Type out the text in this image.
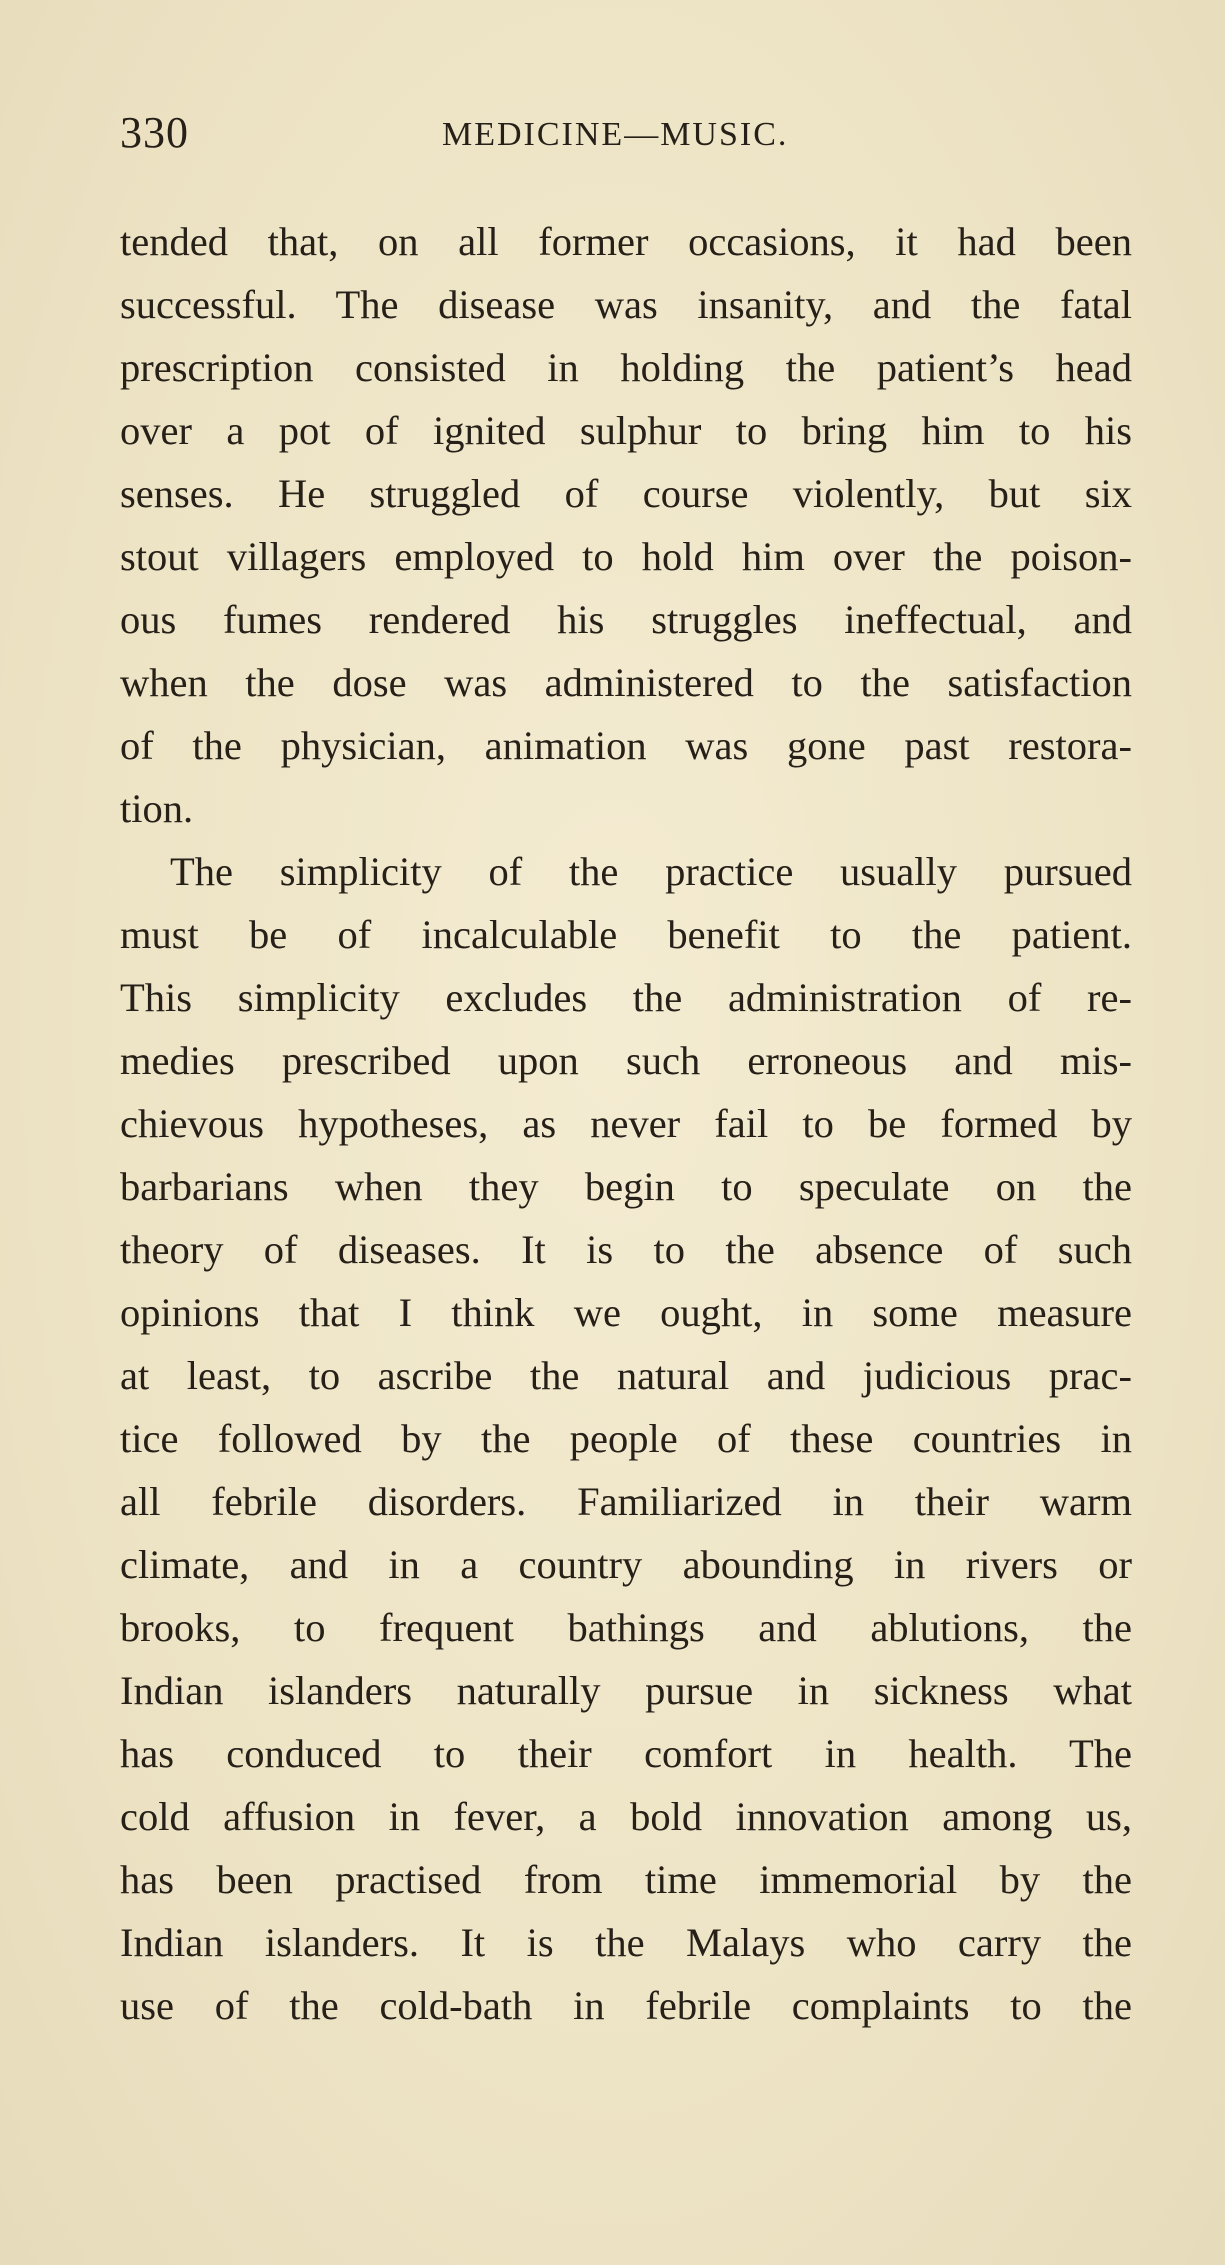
330	MEDICINE—MUSIC.
tended that, on all former occasions, it had been
successful. The disease was insanity, and the fatal
prescription consisted in holding the patient’s head
over a pot of ignited sulphur to bring him to his
senses. He struggled of course violently, but six
stout villagers employed to hold him over the poison-
ous fumes rendered his struggles ineffectual, and
when the dose was administered to the satisfaction
of the physician, animation was gone past restora-
tion.
The simplicity of the practice usually pursued
must be of incalculable benefit to the patient.
This simplicity excludes the administration of re-
medies prescribed upon such erroneous and mis-
chievous hypotheses, as never fail to be formed by
barbarians when they begin to speculate on the
theory of diseases. It is to the absence of such
opinions that I think we ought, in some measure
at least, to ascribe the natural and judicious prac-
tice followed by the people of these countries in
all febrile disorders. Familiarized in their warm
climate, and in a country abounding in rivers or
brooks, to frequent bathings and ablutions, the
Indian islanders naturally pursue in sickness what
has conduced to their comfort in health. The
cold affusion in fever, a bold innovation among us,
has been practised from time immemorial by the
Indian islanders. It is the Malays who carry the
use of the cold-bath in febrile complaints to the
